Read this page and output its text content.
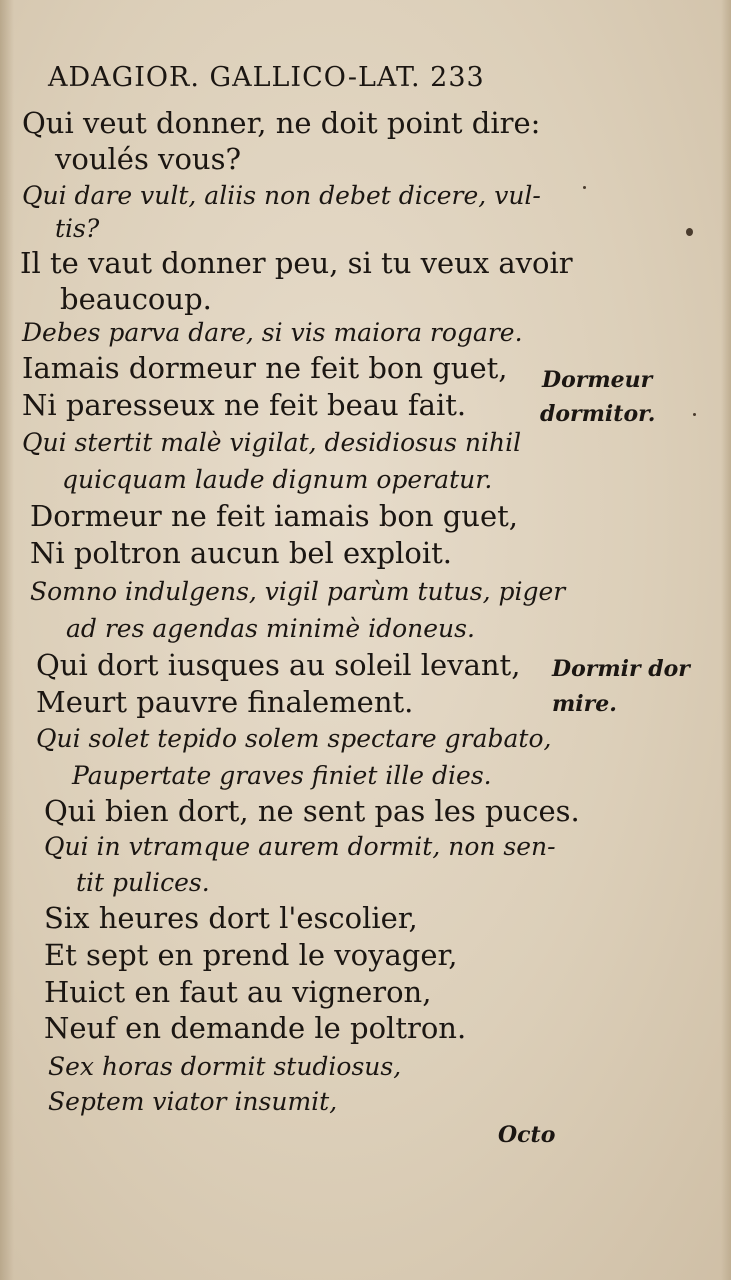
ADAGIOR. GALLICO-LAT. 233
Qui veut donner, ne doit point dire:
voulés vous?
Qui dare vult, aliis non debet dicere, vul-
tis?
Il te vaut donner peu, si tu veux avoir
beaucoup.
Debes parva dare, si vis maiora rogare.
Iamais dormeur ne feit bon guet,
Ni paresseux ne feit beau fait.
Qui stertit malè vigilat, desidiosus nihil
quicquam laude dignum operatur.
Dormeur ne feit iamais bon guet,
Ni poltron aucun bel exploit.
Somno indulgens, vigil parùm tutus, piger
ad res agendas minimè idoneus.
Qui dort iusques au soleil levant,
Meurt pauvre finalement.
Qui solet tepido solem spectare grabato,
Paupertate graves finiet ille dies.
Qui bien dort, ne sent pas les puces.
Qui in vtramque aurem dormit, non sen-
tit pulices.
Six heures dort l'escolier,
Et sept en prend le voyager,
Huict en faut au vigneron,
Neuf en demande le poltron.
Sex horas dormit studiosus,
Septem viator insumit,
Dormeur
dormitor.
Dormir dor
mire.
Octo
